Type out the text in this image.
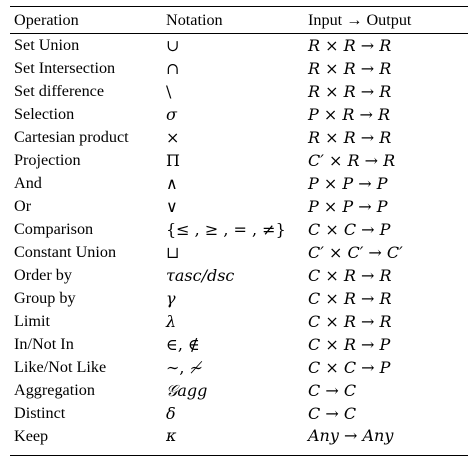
Operation	Notation	Input → Output
Set Union	∪	R × R → R
Set Intersection	∩	R × R → R
Set difference	\	R × R → R
Selection	σ	P × R → R
Cartesian product	×	R × R → R
Projection	Π	C′ × R → R
And	∧	P × P → P
Or	∨	P × P → P
Comparison	{≤ , ≥ , = , ≠}	C × C → P
Constant Union	⊔	C′ × C′ → C′
Order by	τasc/dsc	C × R → R
Group by	γ	C × R → R
Limit	λ	C × R → R
In/Not In	∈, ∉	C × R → P
Like/Not Like	∼, ≁	C × C → P
Aggregation	𝒢agg	C → C
Distinct	δ	C → C
Keep	κ	Any → Any
